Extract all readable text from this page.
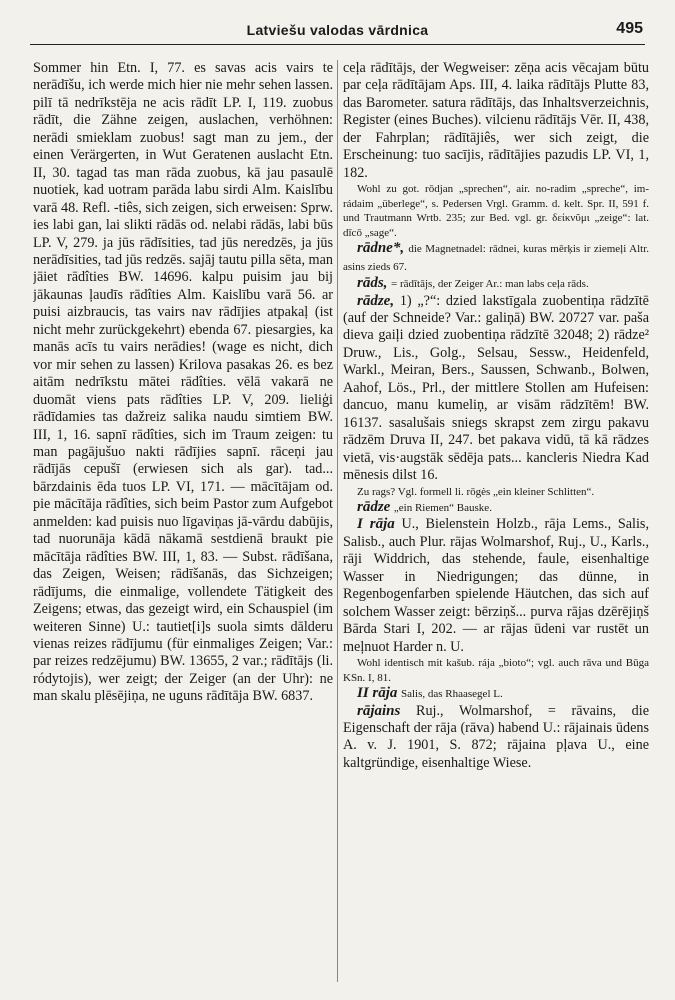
Latviešu valodas vārdnica	495

Sommer hin Etn. I, 77. es savas acis vairs te nerādīšu, ich werde mich hier nie mehr sehen lassen. pilī tā nedrīkstēja ne acis rādīt LP. I, 119. zuobus rādīt, die Zähne zeigen, auslachen, verhöhnen: nerādi smieklam zuobus! sagt man zu jem., der einen Verärgerten, in Wut Geratenen auslacht Etn. II, 30. tagad tas man rāda zuobus, kā jau pasaulē nuotiek, kad uotram parāda labu sirdi Alm. Kaislību varā 48. Refl. -tiês, sich zeigen, sich erweisen: Sprw. ies labi gan, lai slikti rādās od. nelabi rādās, labi būs LP. V, 279. ja jūs rādīsities, tad jūs neredzēs, ja jūs nerādīsities, tad jūs redzēs. sajāj tautu pilla sēta, man jāiet rādîties BW. 14696. kalpu puisim jau bij jākaunas ļaudīs rādîties Alm. Kaislību varā 56. ar puisi aizbraucis, tas vairs nav rādījies atpakaļ (ist nicht mehr zurückgekehrt) ebenda 67. piesargies, ka manās acīs tu vairs nerādies! (wage es nicht, dich vor mir sehen zu lassen) Krilova pasakas 26. es bez aitām nedrīkstu mātei rādîties. vēlā vakarā ne duomāt viens pats rādîties LP. V, 209. lieliģi rādīdamies tas dažreiz salika naudu simtiem BW. III, 1, 16. sapnī rādîties, sich im Traum zeigen: tu man pagājušuo nakti rādījies sapnī. rāceņi jau rādījās cepušī (erwiesen sich als gar). tad... bārzdainis ēda tuos LP. VI, 171. — mācītājam od. pie mācītāja rādîties, sich beim Pastor zum Aufgebot anmelden: kad puisis nuo līgaviņas jā-vārdu dabūjis, tad nuorunāja kādā nākamā sestdienā braukt pie mācītāja rādîties BW. III, 1, 83. — Subst. rādīšana, das Zeigen, Weisen; rādīšanās, das Sichzeigen; rādījums, die einmalige, vollendete Tätigkeit des Zeigens; etwas, das gezeigt wird, ein Schauspiel (im weiteren Sinne) U.: tautiet[i]s suola simts dālderu vienas reizes rādījumu (für einmaliges Zeigen; Var.: par reizes redzējumu) BW. 13655, 2 var.; rādītājs (li. ródytojis), wer zeigt; der Zeiger (an der Uhr): ne man skalu plēsējiņa, ne uguns rādītāja BW. 6837.

ceļa rādītājs, der Wegweiser: zēņa acis vēcajam būtu par ceļa rādītājam Aps. III, 4. laika rādītājs Plutte 83, das Barometer. satura rādītājs, das Inhaltsverzeichnis, Register (eines Buches). vilcienu rādītājs Vēr. II, 438, der Fahrplan; rādītājiês, wer sich zeigt, die Erscheinung: tuo sacījis, rādītājies pazudis LP. VI, 1, 182.

Wohl zu got. rōdjan „sprechen“, air. no-radim „spreche“, im-rádaim „überlege“, s. Pedersen Vrgl. Gramm. d. kelt. Spr. II, 591 f. und Trautmann Wrtb. 235; zur Bed. vgl. gr. δείκνῦμι „zeige“: lat. dīcō „sage“.

rādne*, die Magnetnadel: rādnei, kuras mērķis ir ziemeļi Altr. asins zieds 67.

rāds, = rādītājs, der Zeiger Ar.: man labs ceļa rāds.

rādze, 1) „?“: dzied lakstīgala zuobentiņa rādzītē (auf der Schneide? Var.: galiņā) BW. 20727 var. paša dieva gaiļi dzied zuobentiņa rādzītē 32048; 2) rādze² Druw., Lis., Golg., Selsau, Sessw., Heidenfeld, Warkl., Meiran, Bers., Saussen, Schwanb., Bolwen, Aahof, Lös., Prl., der mittlere Stollen am Hufeisen: dancuo, manu kumeliņ, ar visām rādzītēm! BW. 16137. sasalušais sniegs skrapst zem zirgu pakavu rādzēm Druva II, 247. bet pakava vidū, tā kā rādzes vietā, vis·augstāk sēdēja pats... kancleris Niedra Kad mēnesis dilst 16.

Zu rags? Vgl. formell li. rōgės „ein kleiner Schlitten“.

rādze „ein Riemen“ Bauske.

I rāja U., Bielenstein Holzb., rāja Lems., Salis, Salisb., auch Plur. rājas Wolmarshof, Ruj., U., Karls., rāji Widdrich, das stehende, faule, eisenhaltige Wasser in Niedrigungen; das dünne, in Regenbogenfarben spielende Häutchen, das sich auf solchem Wasser zeigt: bērziņš... purva rājas dzērējiņš Bārda Stari I, 202. — ar rājas ūdeni var rustēt un meļnuot Harder n. U.

Wohl identisch mit kašub. rája „bioto“; vgl. auch rāva und Būga KSn. I, 81.

II rāja Salis, das Rhaasegel L.

rājains Ruj., Wolmarshof, = rāvains, die Eigenschaft der rāja (rāva) habend U.: rājainais ūdens A. v. J. 1901, S. 872; rājaina pļava U., eine kaltgründige, eisenhaltige Wiese.
